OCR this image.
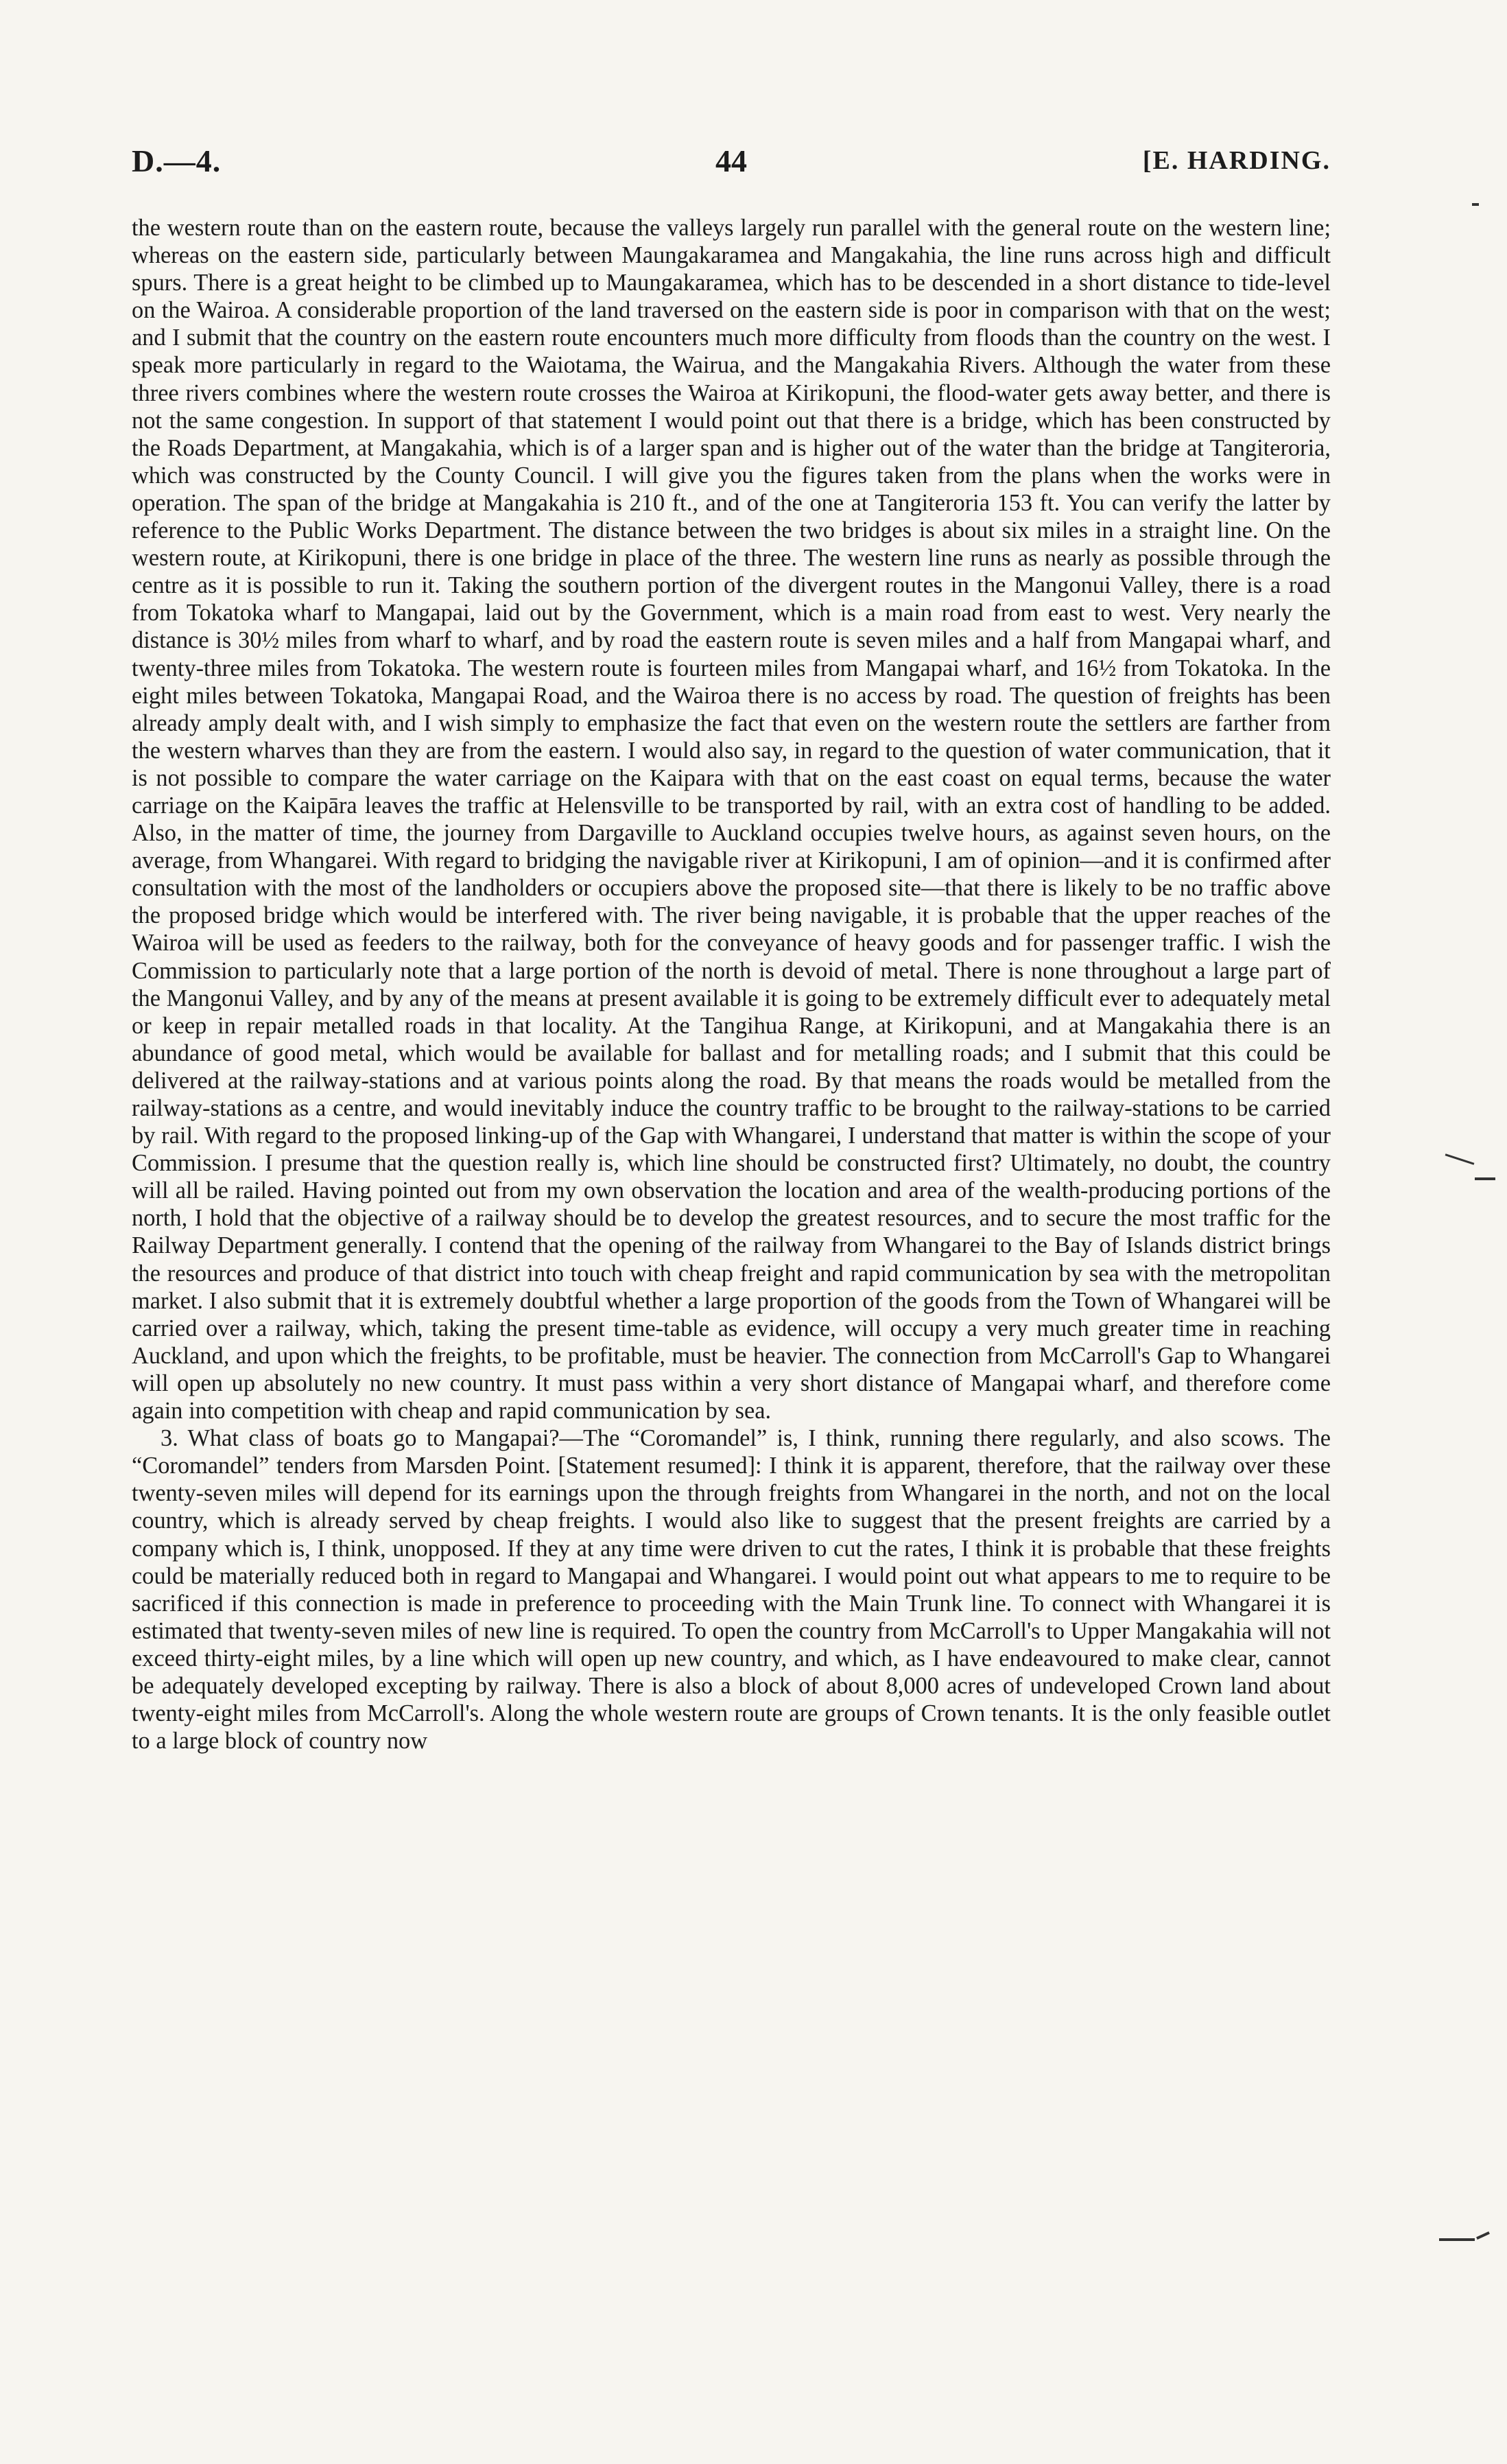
D.—4.	44	[E. HARDING.

the western route than on the eastern route, because the valleys largely run parallel with the general route on the western line; whereas on the eastern side, particularly between Maungakaramea and Mangakahia, the line runs across high and difficult spurs. There is a great height to be climbed up to Maungakaramea, which has to be descended in a short distance to tide-level on the Wairoa. A considerable proportion of the land traversed on the eastern side is poor in comparison with that on the west; and I submit that the country on the eastern route encounters much more difficulty from floods than the country on the west. I speak more particularly in regard to the Waiotama, the Wairua, and the Mangakahia Rivers. Although the water from these three rivers combines where the western route crosses the Wairoa at Kirikopuni, the flood-water gets away better, and there is not the same congestion. In support of that statement I would point out that there is a bridge, which has been constructed by the Roads Department, at Mangakahia, which is of a larger span and is higher out of the water than the bridge at Tangiteroria, which was constructed by the County Council. I will give you the figures taken from the plans when the works were in operation. The span of the bridge at Mangakahia is 210 ft., and of the one at Tangiteroria 153 ft. You can verify the latter by reference to the Public Works Department. The distance between the two bridges is about six miles in a straight line. On the western route, at Kirikopuni, there is one bridge in place of the three. The western line runs as nearly as possible through the centre as it is possible to run it. Taking the southern portion of the divergent routes in the Mangonui Valley, there is a road from Tokatoka wharf to Mangapai, laid out by the Government, which is a main road from east to west. Very nearly the distance is 30½ miles from wharf to wharf, and by road the eastern route is seven miles and a half from Mangapai wharf, and twenty-three miles from Tokatoka. The western route is fourteen miles from Mangapai wharf, and 16½ from Tokatoka. In the eight miles between Tokatoka, Mangapai Road, and the Wairoa there is no access by road. The question of freights has been already amply dealt with, and I wish simply to emphasize the fact that even on the western route the settlers are farther from the western wharves than they are from the eastern. I would also say, in regard to the question of water communication, that it is not possible to compare the water carriage on the Kaipara with that on the east coast on equal terms, because the water carriage on the Kaipāra leaves the traffic at Helensville to be transported by rail, with an extra cost of handling to be added. Also, in the matter of time, the journey from Dargaville to Auckland occupies twelve hours, as against seven hours, on the average, from Whangarei. With regard to bridging the navigable river at Kirikopuni, I am of opinion—and it is confirmed after consultation with the most of the landholders or occupiers above the proposed site—that there is likely to be no traffic above the proposed bridge which would be interfered with. The river being navigable, it is probable that the upper reaches of the Wairoa will be used as feeders to the railway, both for the conveyance of heavy goods and for passenger traffic. I wish the Commission to particularly note that a large portion of the north is devoid of metal. There is none throughout a large part of the Mangonui Valley, and by any of the means at present available it is going to be extremely difficult ever to adequately metal or keep in repair metalled roads in that locality. At the Tangihua Range, at Kirikopuni, and at Mangakahia there is an abundance of good metal, which would be available for ballast and for metalling roads; and I submit that this could be delivered at the railway-stations and at various points along the road. By that means the roads would be metalled from the railway-stations as a centre, and would inevitably induce the country traffic to be brought to the railway-stations to be carried by rail. With regard to the proposed linking-up of the Gap with Whangarei, I understand that matter is within the scope of your Commission. I presume that the question really is, which line should be constructed first? Ultimately, no doubt, the country will all be railed. Having pointed out from my own observation the location and area of the wealth-producing portions of the north, I hold that the objective of a railway should be to develop the greatest resources, and to secure the most traffic for the Railway Department generally. I contend that the opening of the railway from Whangarei to the Bay of Islands district brings the resources and produce of that district into touch with cheap freight and rapid communication by sea with the metropolitan market. I also submit that it is extremely doubtful whether a large proportion of the goods from the Town of Whangarei will be carried over a railway, which, taking the present time-table as evidence, will occupy a very much greater time in reaching Auckland, and upon which the freights, to be profitable, must be heavier. The connection from McCarroll's Gap to Whangarei will open up absolutely no new country. It must pass within a very short distance of Mangapai wharf, and therefore come again into competition with cheap and rapid communication by sea.

3. What class of boats go to Mangapai?—The “Coromandel” is, I think, running there regularly, and also scows. The “Coromandel” tenders from Marsden Point. [Statement resumed]: I think it is apparent, therefore, that the railway over these twenty-seven miles will depend for its earnings upon the through freights from Whangarei in the north, and not on the local country, which is already served by cheap freights. I would also like to suggest that the present freights are carried by a company which is, I think, unopposed. If they at any time were driven to cut the rates, I think it is probable that these freights could be materially reduced both in regard to Mangapai and Whangarei. I would point out what appears to me to require to be sacrificed if this connection is made in preference to proceeding with the Main Trunk line. To connect with Whangarei it is estimated that twenty-seven miles of new line is required. To open the country from McCarroll's to Upper Mangakahia will not exceed thirty-eight miles, by a line which will open up new country, and which, as I have endeavoured to make clear, cannot be adequately developed excepting by railway. There is also a block of about 8,000 acres of undeveloped Crown land about twenty-eight miles from McCarroll's. Along the whole western route are groups of Crown tenants. It is the only feasible outlet to a large block of country now
